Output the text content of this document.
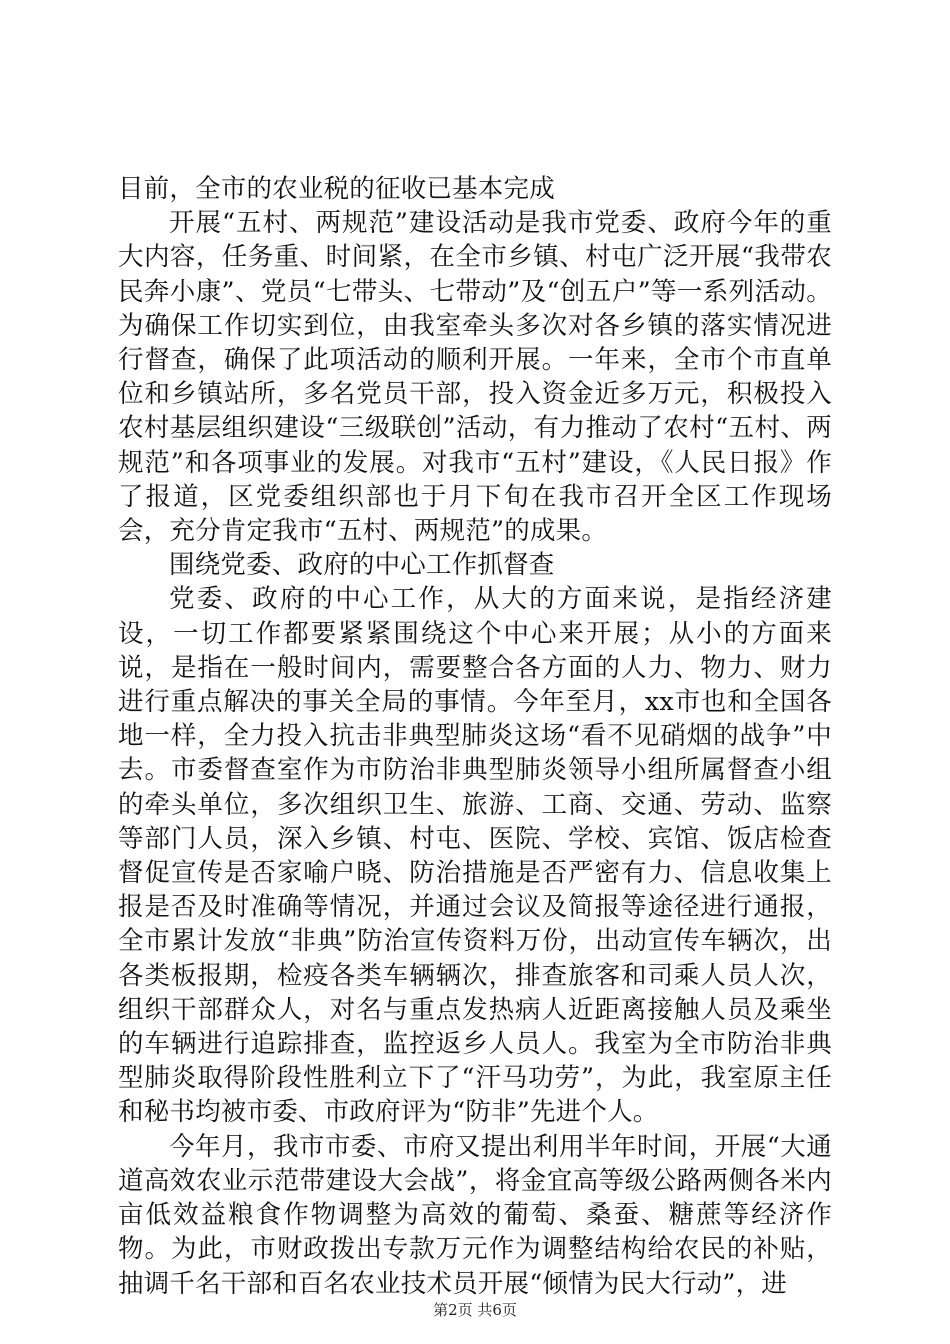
目前，全市的农业税的征收已基本完成

开展“五村、两规范”建设活动是我市党委、政府今年的重大内容，任务重、时间紧，在全市乡镇、村屯广泛开展“我带农民奔小康”、党员“七带头、七带动”及“创五户”等一系列活动。为确保工作切实到位，由我室牵头多次对各乡镇的落实情况进行督查，确保了此项活动的顺利开展。一年来，全市个市直单位和乡镇站所，多名党员干部，投入资金近多万元，积极投入农村基层组织建设“三级联创”活动，有力推动了农村“五村、两规范”和各项事业的发展。对我市“五村”建设，《人民日报》作了报道，区党委组织部也于月下旬在我市召开全区工作现场会，充分肯定我市“五村、两规范”的成果。

围绕党委、政府的中心工作抓督查

党委、政府的中心工作，从大的方面来说，是指经济建设，一切工作都要紧紧围绕这个中心来开展；从小的方面来说，是指在一般时间内，需要整合各方面的人力、物力、财力进行重点解决的事关全局的事情。今年至月，xx市也和全国各地一样，全力投入抗击非典型肺炎这场“看不见硝烟的战争”中去。市委督查室作为市防治非典型肺炎领导小组所属督查小组的牵头单位，多次组织卫生、旅游、工商、交通、劳动、监察等部门人员，深入乡镇、村屯、医院、学校、宾馆、饭店检查督促宣传是否家喻户晓、防治措施是否严密有力、信息收集上报是否及时准确等情况，并通过会议及简报等途径进行通报，全市累计发放“非典”防治宣传资料万份，出动宣传车辆次，出各类板报期，检疫各类车辆辆次，排查旅客和司乘人员人次，组织干部群众人，对名与重点发热病人近距离接触人员及乘坐的车辆进行追踪排查，监控返乡人员人。我室为全市防治非典型肺炎取得阶段性胜利立下了“汗马功劳”，为此，我室原主任和秘书均被市委、市政府评为“防非”先进个人。

今年月，我市市委、市府又提出利用半年时间，开展“大通道高效农业示范带建设大会战”，将金宜高等级公路两侧各米内亩低效益粮食作物调整为高效的葡萄、桑蚕、糖蔗等经济作物。为此，市财政拨出专款万元作为调整结构给农民的补贴，抽调千名干部和百名农业技术员开展“倾情为民大行动”，进

第2页 共6页
